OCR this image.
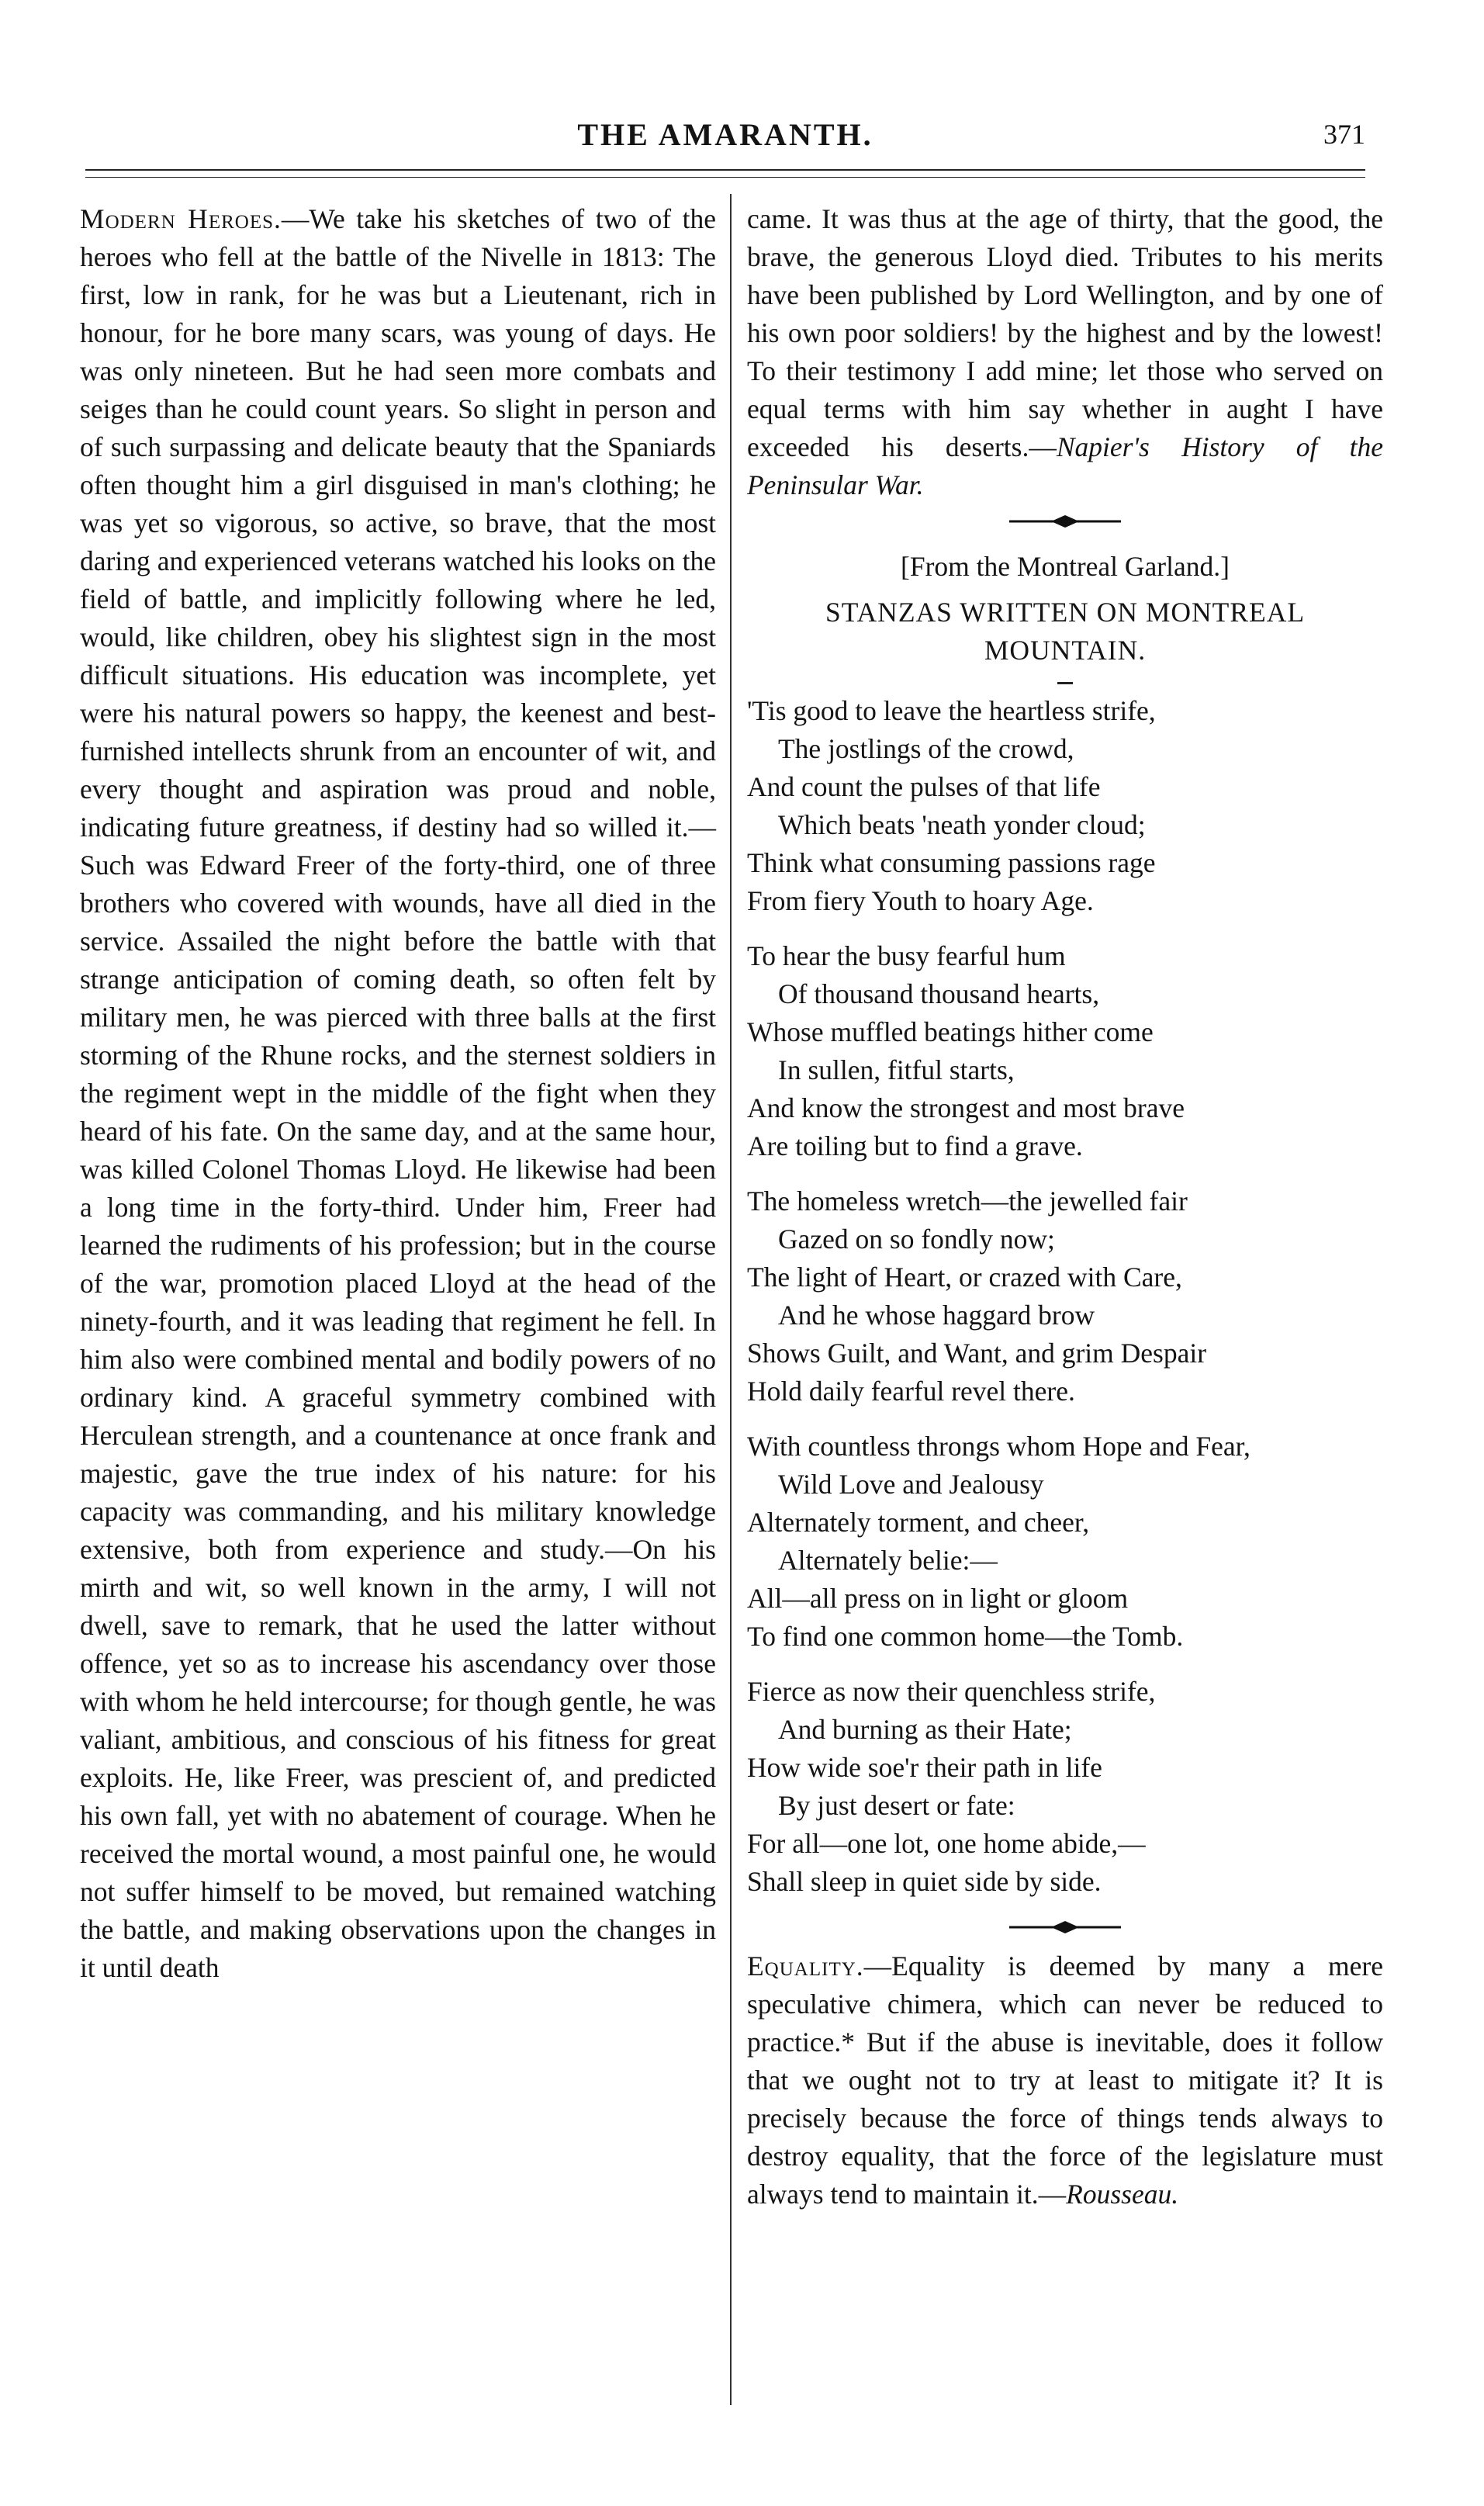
THE AMARANTH.	371

Modern Heroes.—We take his sketches of two of the heroes who fell at the battle of the Nivelle in 1813: The first, low in rank, for he was but a Lieutenant, rich in honour, for he bore many scars, was young of days. He was only nineteen. But he had seen more combats and seiges than he could count years. So slight in person and of such surpassing and delicate beauty that the Spaniards often thought him a girl disguised in man's clothing; he was yet so vigorous, so active, so brave, that the most daring and experienced veterans watched his looks on the field of battle, and implicitly following where he led, would, like children, obey his slightest sign in the most difficult situations. His education was incomplete, yet were his natural powers so happy, the keenest and best-furnished intellects shrunk from an encounter of wit, and every thought and aspiration was proud and noble, indicating future greatness, if destiny had so willed it.—Such was Edward Freer of the forty-third, one of three brothers who covered with wounds, have all died in the service. Assailed the night before the battle with that strange anticipation of coming death, so often felt by military men, he was pierced with three balls at the first storming of the Rhune rocks, and the sternest soldiers in the regiment wept in the middle of the fight when they heard of his fate. On the same day, and at the same hour, was killed Colonel Thomas Lloyd. He likewise had been a long time in the forty-third. Under him, Freer had learned the rudiments of his profession; but in the course of the war, promotion placed Lloyd at the head of the ninety-fourth, and it was leading that regiment he fell. In him also were combined mental and bodily powers of no ordinary kind. A graceful symmetry combined with Herculean strength, and a countenance at once frank and majestic, gave the true index of his nature: for his capacity was commanding, and his military knowledge extensive, both from experience and study.—On his mirth and wit, so well known in the army, I will not dwell, save to remark, that he used the latter without offence, yet so as to increase his ascendancy over those with whom he held intercourse; for though gentle, he was valiant, ambitious, and conscious of his fitness for great exploits. He, like Freer, was prescient of, and predicted his own fall, yet with no abatement of courage. When he received the mortal wound, a most painful one, he would not suffer himself to be moved, but remained watching the battle, and making observations upon the changes in it until death

came. It was thus at the age of thirty, that the good, the brave, the generous Lloyd died. Tributes to his merits have been published by Lord Wellington, and by one of his own poor soldiers! by the highest and by the lowest! To their testimony I add mine; let those who served on equal terms with him say whether in aught I have exceeded his deserts.—Napier's History of the Peninsular War.

[From the Montreal Garland.]
STANZAS WRITTEN ON MONTREAL
MOUNTAIN.
'Tis good to leave the heartless strife,
The jostlings of the crowd,
And count the pulses of that life
Which beats 'neath yonder cloud;
Think what consuming passions rage
From fiery Youth to hoary Age.
To hear the busy fearful hum
Of thousand thousand hearts,
Whose muffled beatings hither come
In sullen, fitful starts,
And know the strongest and most brave
Are toiling but to find a grave.
The homeless wretch—the jewelled fair
Gazed on so fondly now;
The light of Heart, or crazed with Care,
And he whose haggard brow
Shows Guilt, and Want, and grim Despair
Hold daily fearful revel there.
With countless throngs whom Hope and Fear,
Wild Love and Jealousy
Alternately torment, and cheer,
Alternately belie:—
All—all press on in light or gloom
To find one common home—the Tomb.
Fierce as now their quenchless strife,
And burning as their Hate;
How wide soe'r their path in life
By just desert or fate:
For all—one lot, one home abide,—
Shall sleep in quiet side by side.

Equality.—Equality is deemed by many a mere speculative chimera, which can never be reduced to practice.* But if the abuse is inevitable, does it follow that we ought not to try at least to mitigate it? It is precisely because the force of things tends always to destroy equality, that the force of the legislature must always tend to maintain it.—Rousseau.
